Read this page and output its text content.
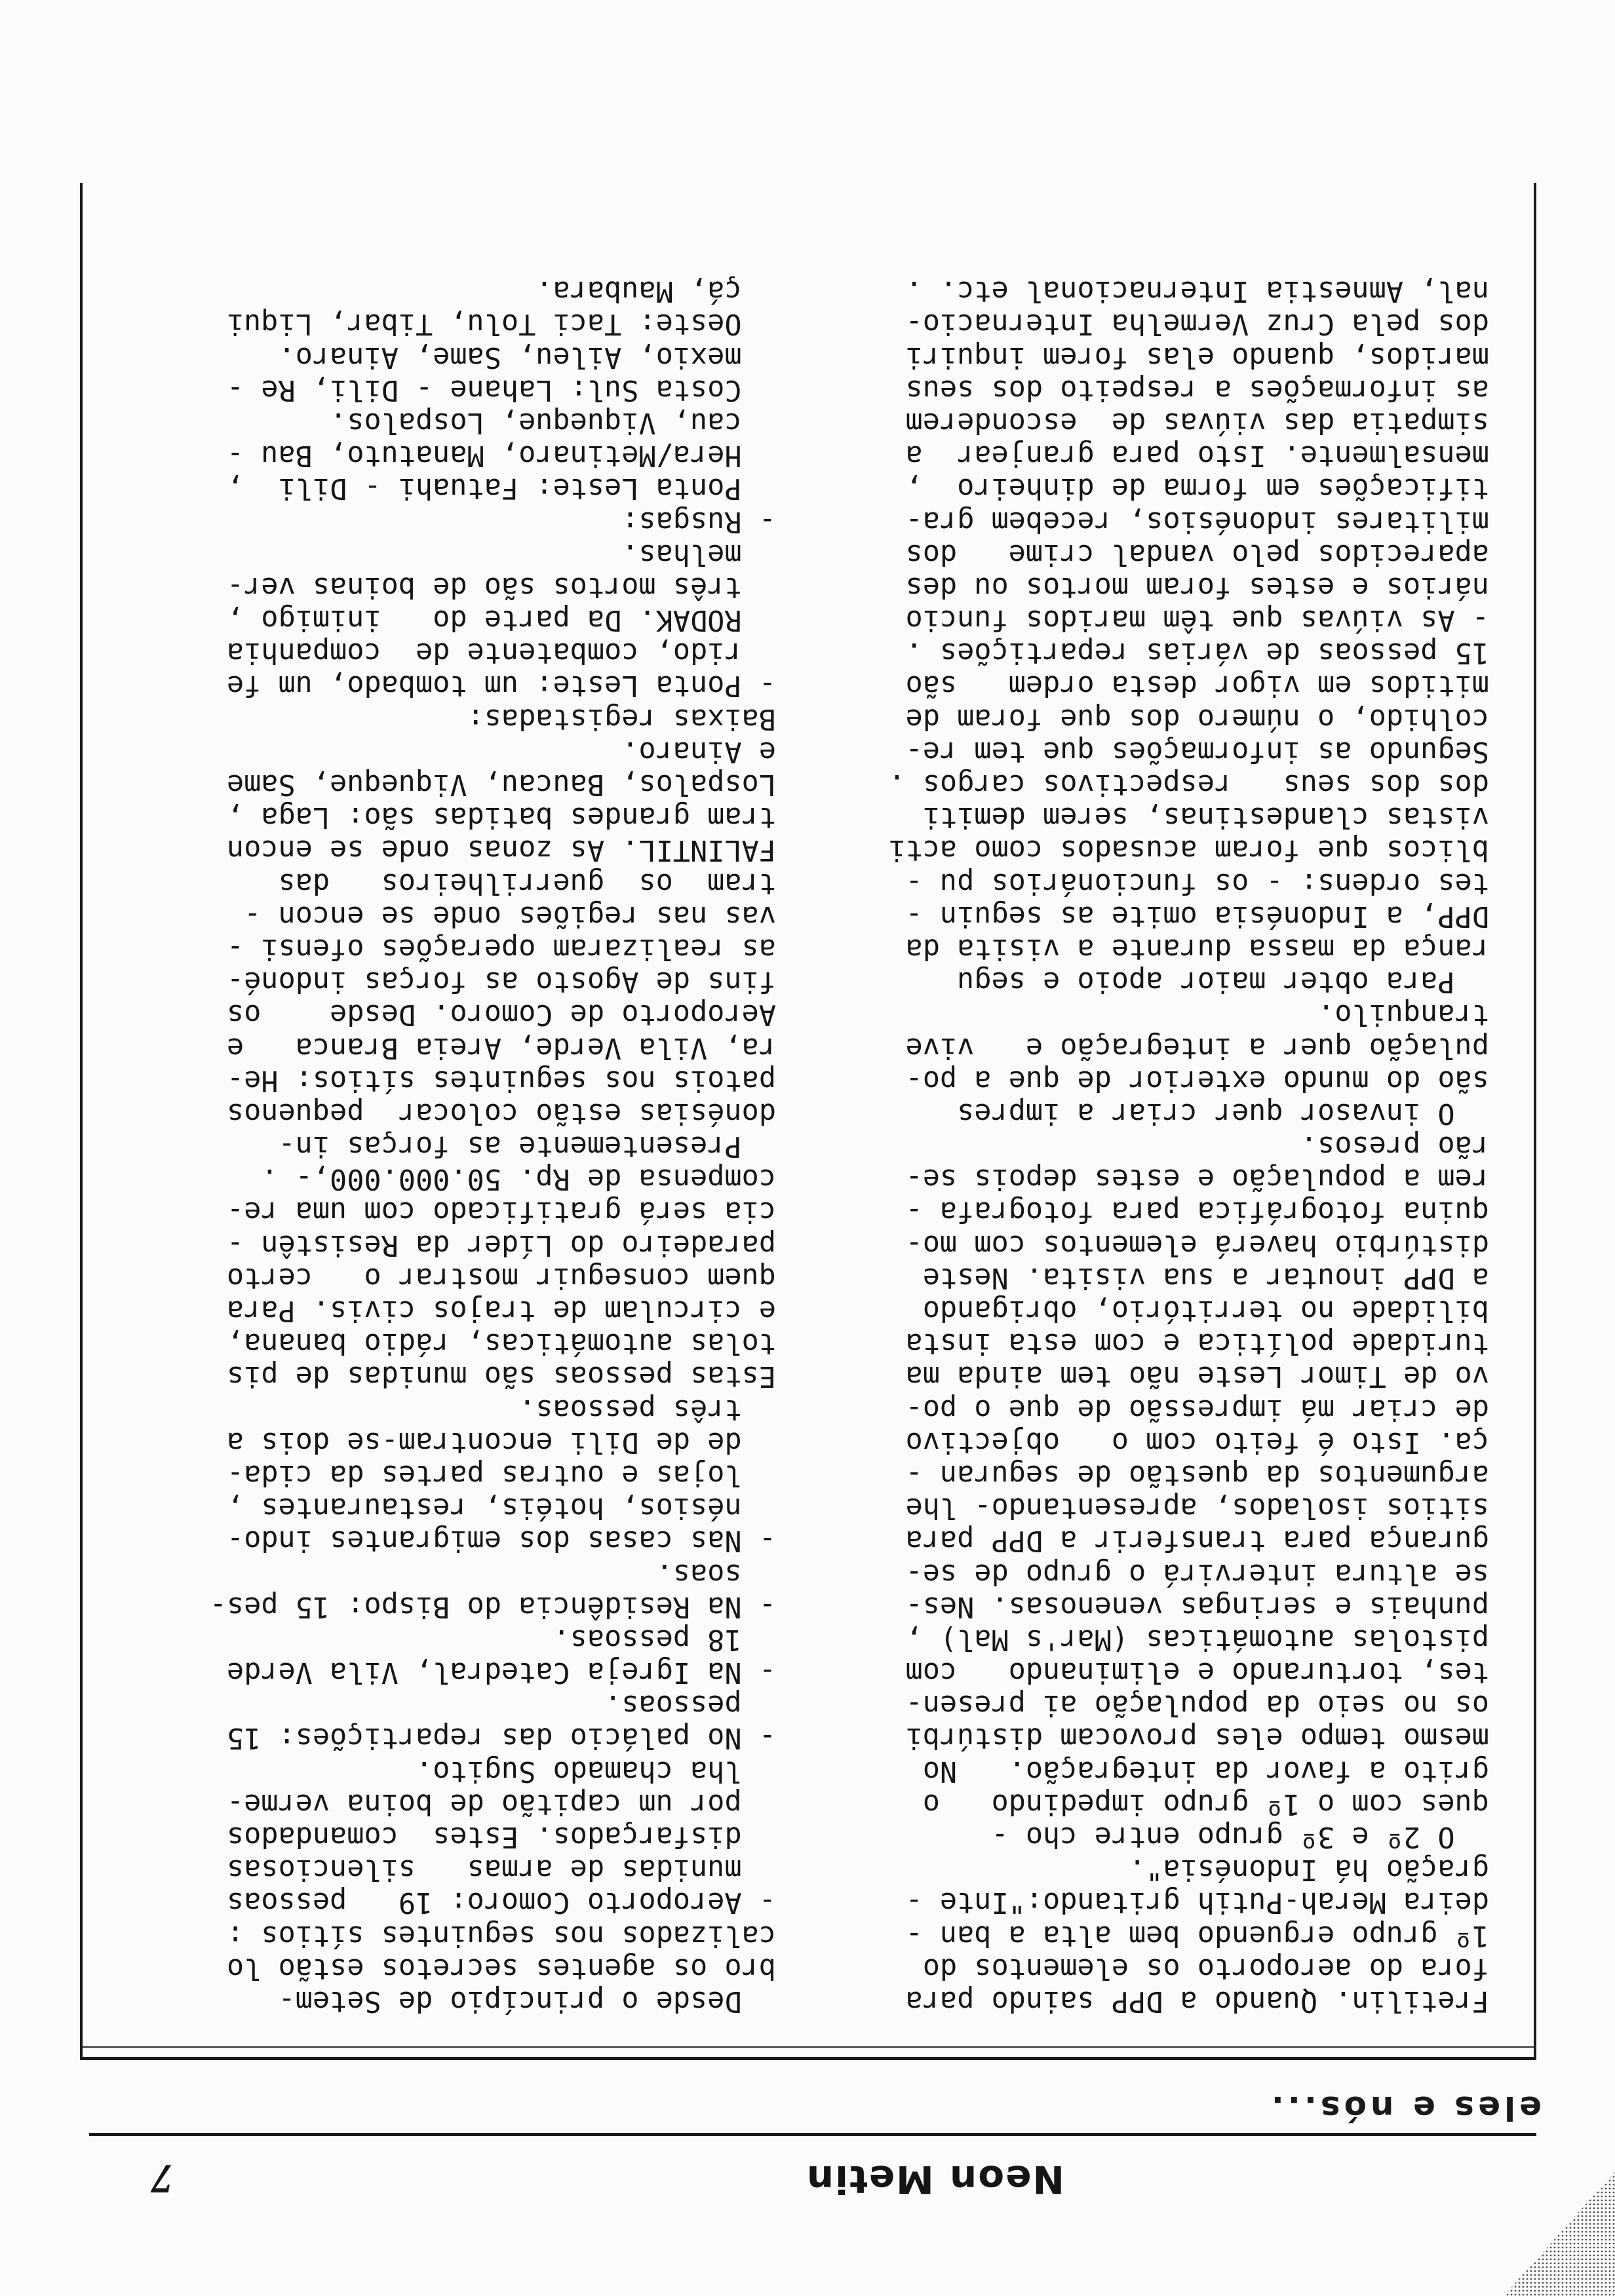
Neon Metin
7
eles e nós...
Fretilin. Quando a DPP saindo para
fora do aeroporto os elementos do
1º grupo erguendo bem alta a ban -
deira Merah-Putih gritando:"Inte -
gração há Indonésia".
O 2º e 3º grupo entre cho -
ques com o 1º grupo impedindo   o
grito a favor da integração.   No
mesmo tempo eles provocam distúrbi
os no seio da população ai presen-
tes, torturando e eliminando   com
pistolas automáticas (Mar's Mal) ,
punhais e seringas venenosas. Nes-
se altura intervirá o grupo de se-
gurança para transferir a DPP para
sitios isolados, apresentando- lhe
argumentos da questão de seguran -
ça. Isto é feito com o   objectivo
de criar má impressão de que o po-
vo de Timor Leste não tem ainda ma
turidade política e com esta insta
bilidade no território, obrigando
a DPP inoutar a sua visita. Neste
distúrbio haverá elementos com mo-
quina fotográfica para fotografa -
rem a população e estes depois se-
rão presos.
O invasor quer criar a impres
são do mundo exterior de que a po-
pulação quer a integração e   vive
tranquilo.
Para obter maior apoio e segu
rança da massa durante a visita da
DPP, a Indonésia omite as seguin -
tes ordens: - os funcionários pu -
blicos que foram acusados como acti
vistas clandestinas, serem demiti
dos dos seus   respectivos cargos .
Segundo as informações que tem re-
colhido, o número dos que foram de
mitidos em vigor desta ordem   são
15 pessoas de várias repartições .
- As viúvas que têm maridos funcio
nários e estes foram mortos ou des
aparecidos pelo vandal crime   dos
militares indonésios, recebem gra-
tificações em forma de dinheiro  ,
mensalmente. Isto para granjear  a
simpatia das viúvas de  esconderem
as informações a respeito dos seus
maridos, quando elas forem inquiri
dos pela Cruz Vermelha Internacio-
nal, Amnestia Internacional etc. .
Desde o princípio de Setem-
bro os agentes secretos estão lo
calizados nos seguintes sítios :
- Aeroporto Comoro: 19   pessoas
munidas de armas   silenciosas
disfarçados. Estes  comandados
por um capitão de boina verme-
lha chamado Sugito.
- No palácio das repartições: 15
pessoas.
- Na Igreja Catedral, Vila Verde
18 pessoas.
- Na Residência do Bispo: 15 pes-
soas.
- Nas casas dos emigrantes indo-
nésios, hotéis, restaurantes ,
lojas e outras partes da cida-
de de Dili encontram-se dois a
três pessoas.
Estas pessoas são munidas de pis
tolas automáticas, rádio banana,
e circulam de trajos civis. Para
quem conseguir mostrar o   certo
paradeiro do Líder da Resistên -
cia será gratificado com uma re-
compensa de Rp. 50.000.000,- .
Presentemente as forças in-
donésias estão colocar  pequenos
patois nos seguintes sítios: He-
ra, Vila Verde, Areia Branca   e
Aeroporto de Comoro. Desde    os
fins de Agosto as forças indoné-
as realizaram operações ofensi -
vas nas regiões onde se encon -
tram  os  guerrilheiros   das
FALINTIL. As zonas onde se encon
tram grandes batidas são: Laga ,
Lospalos, Baucau, Viqueque, Same
e Ainaro.
Baixas registadas:
- Ponta Leste: um tombado, um fe
rido, combatente de  companhia
RODAK. Da parte do   inimigo ,
três mortos são de boinas ver-
melhas.
- Rusgas:
Ponta Leste: Fatuahi - Dili  ,
Hera/Metinaro, Manatuto, Bau -
cau, Viqueque, Lospalos.
Costa Sul: Lahane - Dili, Re -
mexio, Aileu, Same, Ainaro.
Oeste: Taci Tolu, Tibar, Liqui
çá, Maubara.
